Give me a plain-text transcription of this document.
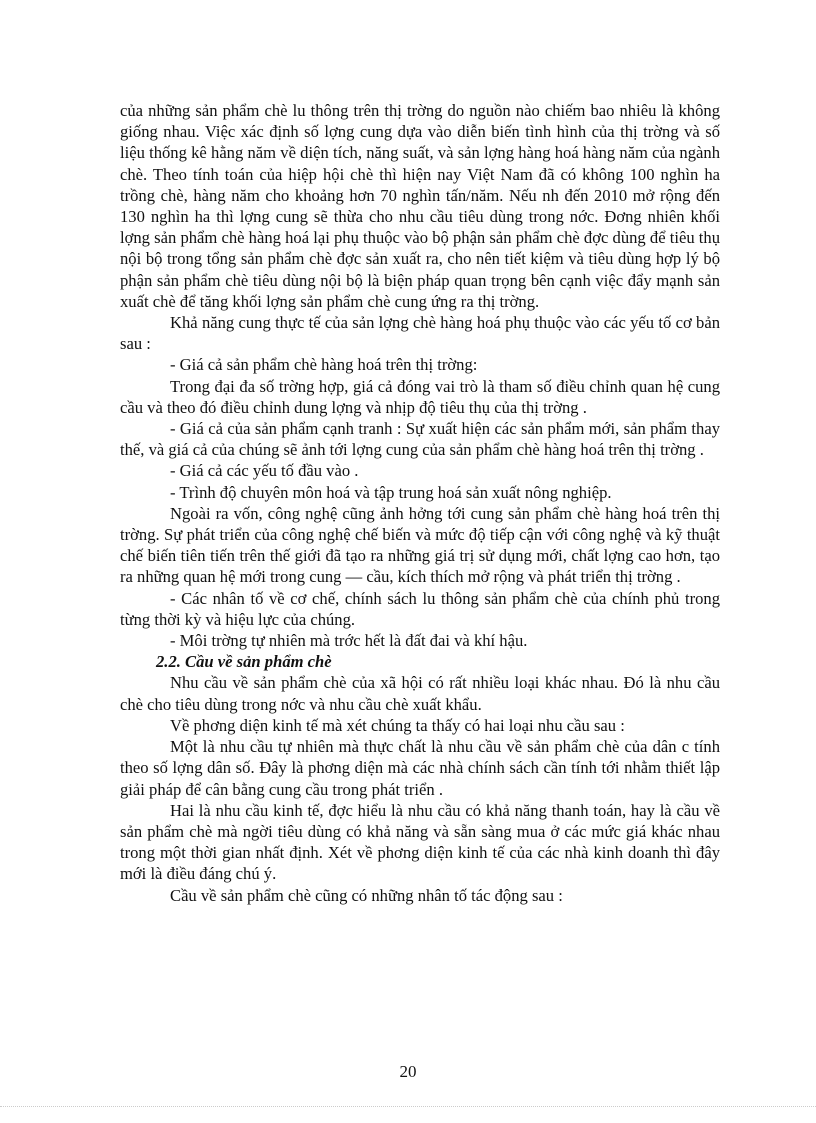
của những sản phẩm chè lu thông trên thị trờng do nguồn nào chiếm bao nhiêu là không giống nhau. Việc xác định số lợng cung dựa vào diễn biến tình hình của thị trờng và số liệu thống kê hằng năm về diện tích, năng suất, và sản lợng hàng hoá hàng năm của ngành chè. Theo tính toán của hiệp hội chè thì hiện nay Việt Nam đã có không 100 nghìn ha trồng chè, hàng năm cho khoảng hơn 70 nghìn tấn/năm. Nếu nh đến 2010 mở rộng đến 130 nghìn ha thì lợng cung sẽ thừa cho nhu cầu tiêu dùng trong nớc. Đơng nhiên khối lợng sản phẩm chè hàng hoá lại phụ thuộc vào bộ phận sản phẩm chè đợc dùng để tiêu thụ nội bộ trong tổng sản phẩm chè đợc sản xuất ra, cho nên tiết kiệm và tiêu dùng hợp lý bộ phận sản phẩm chè tiêu dùng nội bộ là biện pháp quan trọng bên cạnh việc đẩy mạnh sản xuất chè để tăng khối lợng sản phẩm chè cung ứng ra thị trờng.

Khả năng cung thực tế của sản lợng chè hàng hoá phụ thuộc vào các yếu tố cơ bản sau :

- Giá cả sản phẩm chè hàng hoá trên thị trờng:

Trong đại đa số trờng hợp, giá cả đóng vai trò là tham số điều chỉnh quan hệ cung cầu và theo đó điều chỉnh dung lợng và nhịp độ tiêu thụ của thị trờng .

- Giá cả của sản phẩm cạnh tranh : Sự xuất hiện các sản phẩm mới, sản phẩm thay thế, và giá cả của chúng sẽ ảnh tới lợng cung của sản phẩm chè hàng hoá trên thị trờng .

- Giá cả các yếu tố đầu vào .

- Trình độ chuyên môn hoá và tập trung hoá sản xuất nông nghiệp.

Ngoài ra vốn, công nghệ cũng ảnh hởng tới cung sản phẩm chè hàng hoá trên thị trờng. Sự phát triển của công nghệ chế biến và mức độ tiếp cận với công nghệ và kỹ thuật chế biến tiên tiến trên thế giới đã tạo ra những giá trị sử dụng mới, chất lợng cao hơn, tạo ra những quan hệ mới trong cung — cầu, kích thích mở rộng và phát triển thị trờng .

- Các nhân tố về cơ chế, chính sách lu thông sản phẩm chè của chính phủ trong từng thời kỳ và hiệu lực của chúng.

- Môi trờng tự nhiên mà trớc hết là đất đai và khí hậu.

2.2. Cầu về sản phẩm chè

Nhu cầu về sản phẩm chè của xã hội có rất nhiều loại khác nhau. Đó là nhu cầu chè cho tiêu dùng trong nớc và nhu cầu chè xuất khẩu.

Về phơng diện kinh tế mà xét chúng ta thấy có hai loại nhu cầu sau :

Một là nhu cầu tự nhiên mà thực chất là nhu cầu về sản phẩm chè của dân c tính theo số lợng dân số. Đây là phơng diện mà các nhà chính sách cần tính tới nhằm thiết lập giải pháp để cân bằng cung cầu trong phát triển .

Hai là nhu cầu kinh tế, đợc hiểu là nhu cầu có khả năng thanh toán, hay là cầu về sản phẩm chè mà ngời tiêu dùng có khả năng và sẵn sàng mua ở các mức giá khác nhau trong một thời gian nhất định. Xét về phơng diện kinh tế của các nhà kinh doanh thì đây mới là điều đáng chú ý.

Cầu về sản phẩm chè cũng có những nhân tố tác động sau :

20
